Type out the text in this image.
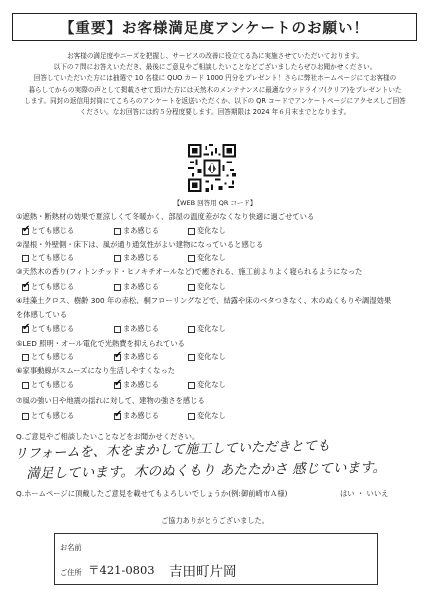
【重要】お客様満足度アンケートのお願い！
お客様の満足度やニーズを把握し、サービスの改善に役立てる為に実施させていただいております。
以下の７問にお答えいただき、最後にご意見やご相談したいことなどございましたらぜひお聞かせください。
回答していただいた方には抽選で 10 名様に QUO カード 1000 円分をプレゼント！さらに弊社ホームページにてお客様の
暮らしてからの実際の声として掲載させて頂けた方には天然木のメンテナンスに最適なウッドライフ(クリア)をプレゼントいた
します。同封の返信用封筒にてこちらのアンケートを返送いただくか、以下の QR コードでアンケートページにアクセスしご回答
ください。なお回答には約５分程度要します。回答期限は 2024 年６月末までとなります。
【WEB 回答用 QR コード】
①遮熱・断熱材の効果で夏涼しくて冬暖かく、部屋の温度差がなくなり快適に過ごせている
✔ とても感じる	まあ感じる	変化なし
②湿根・外壁側・床下は、風が通り通気性がよい建物になっていると感じる
とても感じる	まあ感じる	変化なし
③天然木の香り(フィトンチッド・ヒノキチオールなど)で癒される、施工前よりよく寝られるようになった
✔ とても感じる	まあ感じる	変化なし
④珪藻土クロス、樹齢 300 年の赤松、桐フローリングなどで、結露や床のベタつきなく、木のぬくもりや調湿効果
を体感している
✔ とても感じる	まあ感じる	変化なし
⑤LED 照明・オール電化で光熱費を抑えられている
とても感じる	✔ まあ感じる	変化なし
⑥家事動線がスムーズになり生活しやすくなった
とても感じる	✔ まあ感じる	変化なし
⑦風の強い日や地震の揺れに対して、建物の強さを感じる
とても感じる	✔ まあ感じる	変化なし
Q.ご意見やご相談したいことなどをお聞かせください。
リフォームを、木をまかして施工していただきとても
満足しています。木のぬくもり あたたかさ 感じています。
Q.ホームページに頂戴したご意見を載せてもよろしいでしょうか(例:御前崎市Ａ様)	はい ・ いいえ
ご協力ありがとうございました。
お名前
ご住所 〒421-0803 吉田町片岡
